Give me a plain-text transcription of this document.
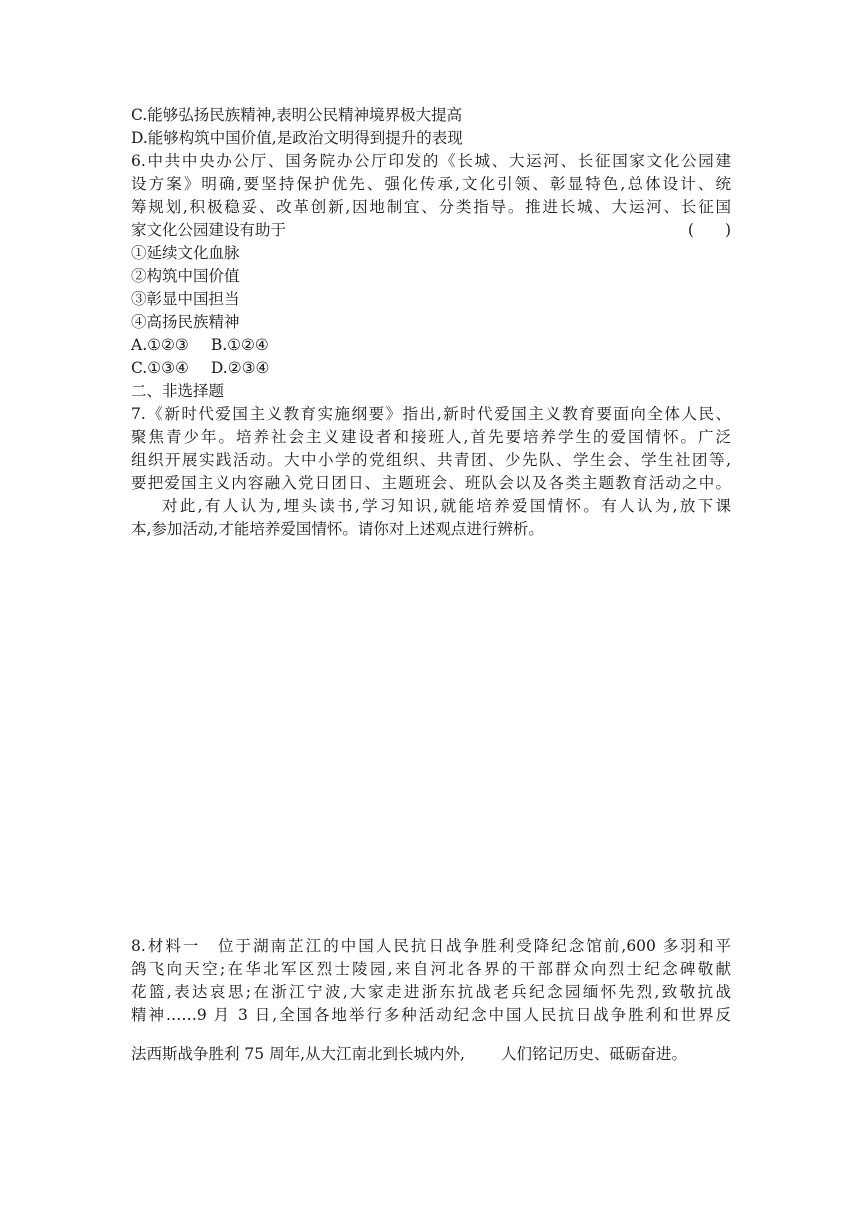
C.能够弘扬民族精神,表明公民精神境界极大提高
D.能够构筑中国价值,是政治文明得到提升的表现
6.中共中央办公厅、国务院办公厅印发的《长城、大运河、长征国家文化公园建
设方案》明确,要坚持保护优先、强化传承,文化引领、彰显特色,总体设计、统
筹规划,积极稳妥、改革创新,因地制宜、分类指导。推进长城、大运河、长征国
家文化公园建设有助于	(　　)
①延续文化血脉
②构筑中国价值
③彰显中国担当
④高扬民族精神
A.①②③ B.①②④
C.①③④ D.②③④
二、非选择题
7.《新时代爱国主义教育实施纲要》指出,新时代爱国主义教育要面向全体人民、
聚焦青少年。培养社会主义建设者和接班人,首先要培养学生的爱国情怀。广泛
组织开展实践活动。大中小学的党组织、共青团、少先队、学生会、学生社团等,
要把爱国主义内容融入党日团日、主题班会、班队会以及各类主题教育活动之中。
对此,有人认为,埋头读书,学习知识,就能培养爱国情怀。有人认为,放下课
本,参加活动,才能培养爱国情怀。请你对上述观点进行辨析。
8.材料一　位于湖南芷江的中国人民抗日战争胜利受降纪念馆前,600 多羽和平
鸽飞向天空;在华北军区烈士陵园,来自河北各界的干部群众向烈士纪念碑敬献
花篮,表达哀思;在浙江宁波,大家走进浙东抗战老兵纪念园缅怀先烈,致敬抗战
精神……9 月 3 日,全国各地举行多种活动纪念中国人民抗日战争胜利和世界反
法西斯战争胜利 75 周年,从大江南北到长城内外, 人们铭记历史、砥砺奋进。
